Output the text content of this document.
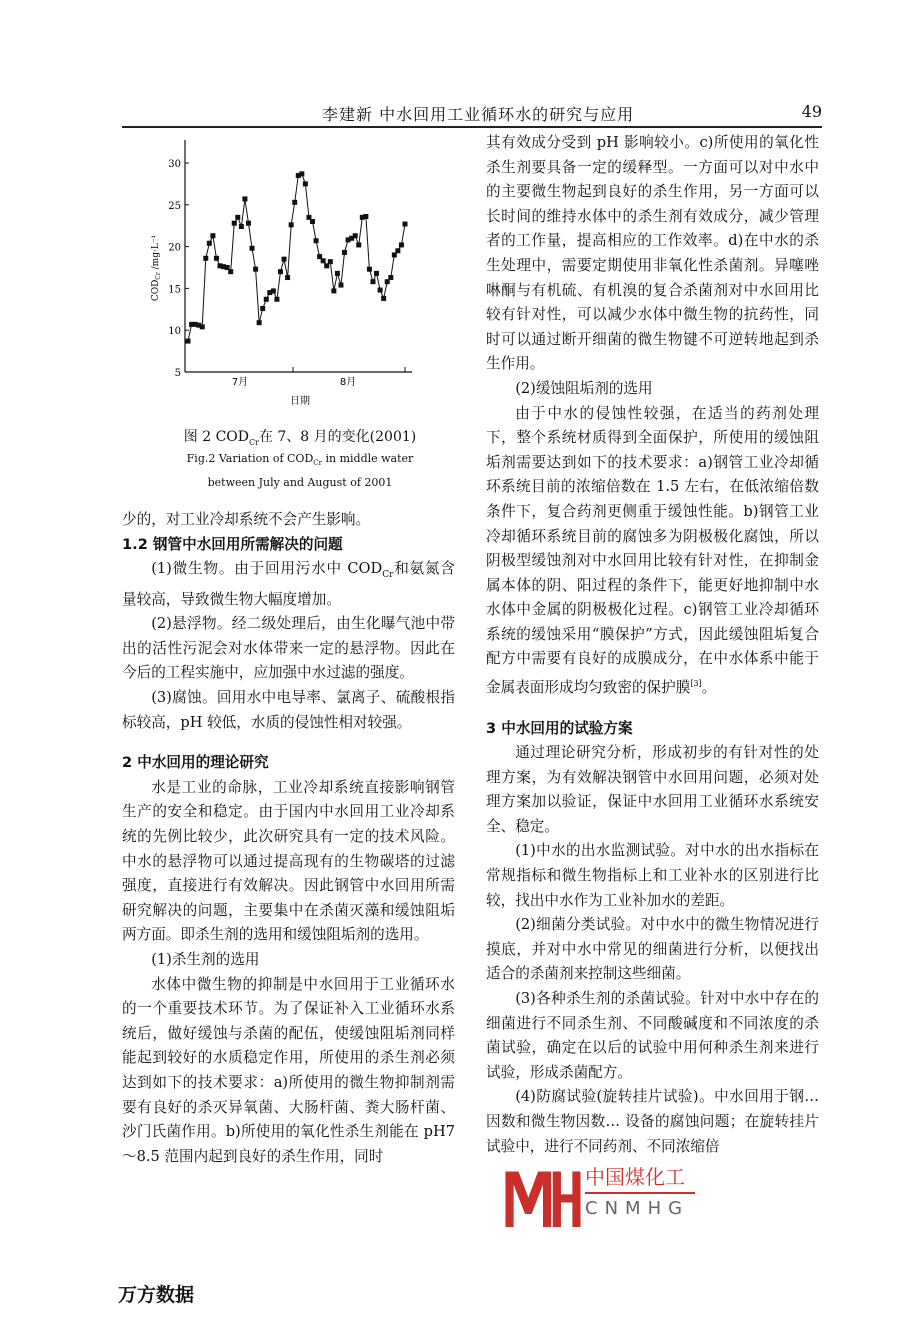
李建新 中水回用工业循环水的研究与应用	49
30
25
20
15
10
5
7月	8月
日期
$COD_{Cr}$ /mg·L⁻¹
图 2 $COD_{Cr}$在 7、8 月的变化(2001)
Fig.2 Variation of $COD_{Cr}$ in middle water
between July and August of 2001

少的，对工业冷却系统不会产生影响。

1.2 钢管中水回用所需解决的问题

(1)微生物。由于回用污水中 $COD_{Cr}$和氨氮含量较高，导致微生物大幅度增加。

(2)悬浮物。经二级处理后，由生化曝气池中带出的活性污泥会对水体带来一定的悬浮物。因此在今后的工程实施中，应加强中水过滤的强度。

(3)腐蚀。回用水中电导率、氯离子、硫酸根指标较高，pH 较低，水质的侵蚀性相对较强。

2 中水回用的理论研究

水是工业的命脉，工业冷却系统直接影响钢管生产的安全和稳定。由于国内中水回用工业冷却系统的先例比较少，此次研究具有一定的技术风险。中水的悬浮物可以通过提高现有的生物碳塔的过滤强度，直接进行有效解决。因此钢管中水回用所需研究解决的问题，主要集中在杀菌灭藻和缓蚀阻垢两方面。即杀生剂的选用和缓蚀阻垢剂的选用。

(1)杀生剂的选用

水体中微生物的抑制是中水回用于工业循环水的一个重要技术环节。为了保证补入工业循环水系统后，做好缓蚀与杀菌的配伍，使缓蚀阻垢剂同样能起到较好的水质稳定作用，所使用的杀生剂必须达到如下的技术要求：a)所使用的微生物抑制剂需要有良好的杀灭异氧菌、大肠杆菌、粪大肠杆菌、沙门氏菌作用。b)所使用的氧化性杀生剂能在 pH7～8.5 范围内起到良好的杀生作用，同时

其有效成分受到 pH 影响较小。c)所使用的氧化性杀生剂要具备一定的缓释型。一方面可以对中水中的主要微生物起到良好的杀生作用，另一方面可以长时间的维持水体中的杀生剂有效成分，减少管理者的工作量，提高相应的工作效率。d)在中水的杀生处理中，需要定期使用非氧化性杀菌剂。异噻唑啉酮与有机硫、有机溴的复合杀菌剂对中水回用比较有针对性，可以减少水体中微生物的抗药性，同时可以通过断开细菌的微生物键不可逆转地起到杀生作用。

(2)缓蚀阻垢剂的选用

由于中水的侵蚀性较强，在适当的药剂处理下，整个系统材质得到全面保护，所使用的缓蚀阻垢剂需要达到如下的技术要求：a)钢管工业冷却循环系统目前的浓缩倍数在 1.5 左右，在低浓缩倍数条件下，复合药剂更侧重于缓蚀性能。b)钢管工业冷却循环系统目前的腐蚀多为阴极极化腐蚀，所以阴极型缓蚀剂对中水回用比较有针对性，在抑制金属本体的阴、阳过程的条件下，能更好地抑制中水水体中金属的阴极极化过程。c)钢管工业冷却循环系统的缓蚀采用“膜保护”方式，因此缓蚀阻垢复合配方中需要有良好的成膜成分，在中水体系中能于金属表面形成均匀致密的保护膜[3]。

3 中水回用的试验方案

通过理论研究分析，形成初步的有针对性的处理方案，为有效解决钢管中水回用问题，必须对处理方案加以验证，保证中水回用工业循环水系统安全、稳定。

(1)中水的出水监测试验。对中水的出水指标在常规指标和微生物指标上和工业补水的区别进行比较，找出中水作为工业补加水的差距。

(2)细菌分类试验。对中水中的微生物情况进行摸底，并对中水中常见的细菌进行分析，以便找出适合的杀菌剂来控制这些细菌。

(3)各种杀生剂的杀菌试验。针对中水中存在的细菌进行不同杀生剂、不同酸碱度和不同浓度的杀菌试验，确定在以后的试验中用何种杀生剂来进行试验，形成杀菌配方。

(4)防腐试验(旋转挂片试验)。中水回用于钢… 因数和微生物因数… 设备的腐蚀问题；在旋转挂片试验中，进行不同药剂、不同浓缩倍

中国煤化工
CNMHG
万方数据
